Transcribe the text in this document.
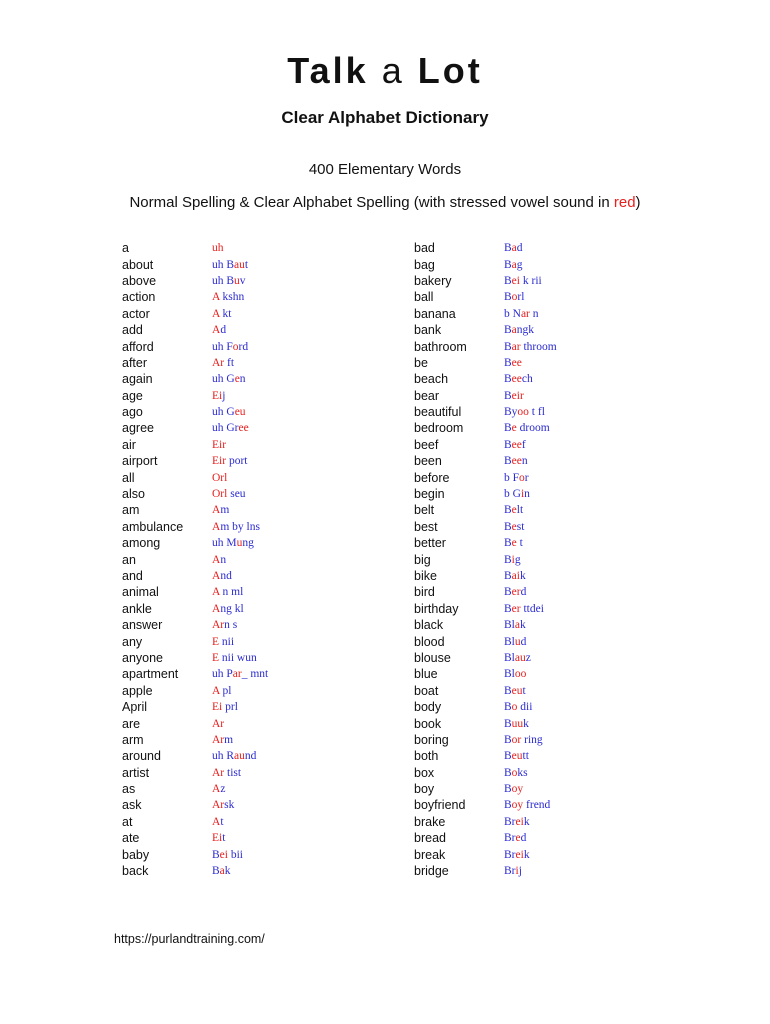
Talk a Lot

Clear Alphabet Dictionary

400 Elementary Words

Normal Spelling & Clear Alphabet Spelling (with stressed vowel sound in red)

a	uh
about	uh Baut
above	uh Buv
action	A kshn
actor	A kt
add	Ad
afford	uh Ford
after	Ar ft
again	uh Gen
age	Eij
ago	uh Geu
agree	uh Gree
air	Eir
airport	Eir port
all	Orl
also	Orl seu
am	Am
ambulance	Am by lns
among	uh Mung
an	An
and	And
animal	A n ml
ankle	Ang kl
answer	Arn s
any	E nii
anyone	E nii wun
apartment	uh Par_ mnt
apple	A pl
April	Ei prl
are	Ar
arm	Arm
around	uh Raund
artist	Ar tist
as	Az
ask	Arsk
at	At
ate	Eit
baby	Bei bii
back	Bak
bad	Bad
bag	Bag
bakery	Bei k rii
ball	Borl
banana	b Nar n
bank	Bangk
bathroom	Bar throom
be	Bee
beach	Beech
bear	Beir
beautiful	Byoo t fl
bedroom	Be droom
beef	Beef
been	Been
before	b For
begin	b Gin
belt	Belt
best	Best
better	Be t
big	Big
bike	Baik
bird	Berd
birthday	Ber ttdei
black	Blak
blood	Blud
blouse	Blauz
blue	Bloo
boat	Beut
body	Bo dii
book	Buuk
boring	Bor ring
both	Beutt
box	Boks
boy	Boy
boyfriend	Boy frend
brake	Breik
bread	Bred
break	Breik
bridge	Brij

https://purlandtraining.com/
